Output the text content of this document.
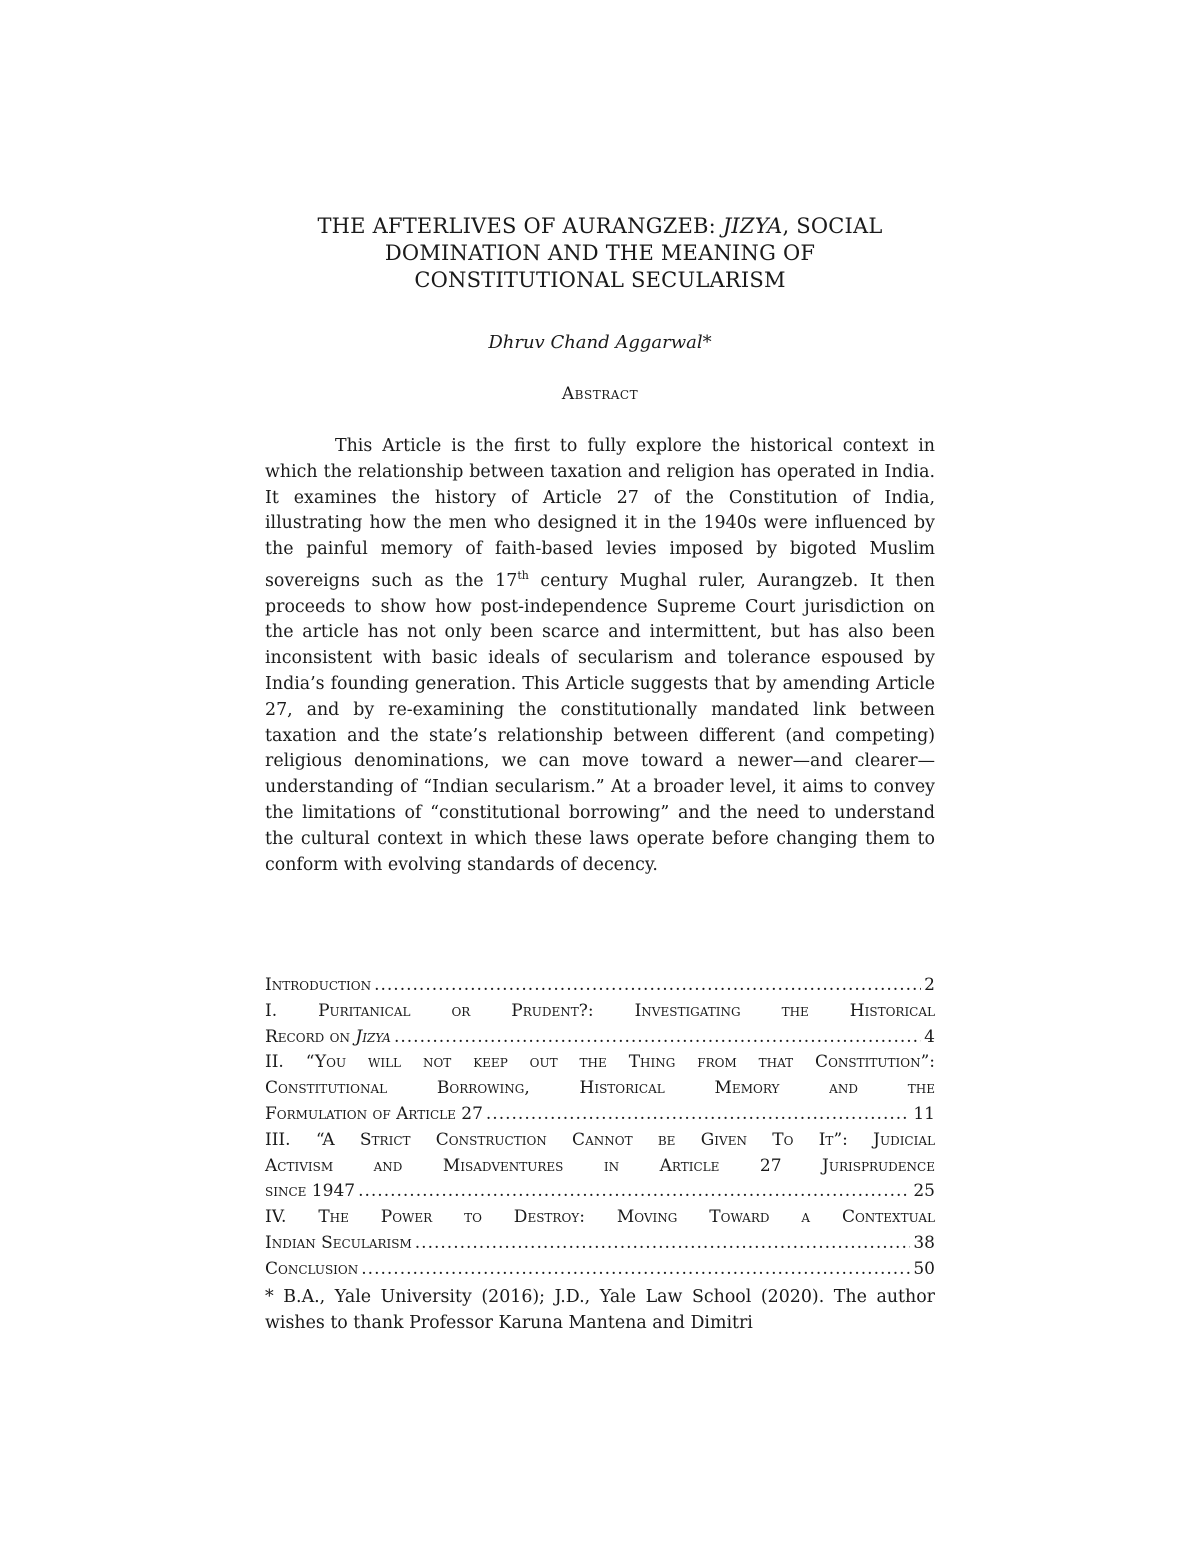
THE AFTERLIVES OF AURANGZEB: JIZYA, SOCIAL
DOMINATION AND THE MEANING OF
CONSTITUTIONAL SECULARISM
Dhruv Chand Aggarwal*
Abstract

This Article is the first to fully explore the historical context in which the relationship between taxation and religion has operated in India. It examines the history of Article 27 of the Constitution of India, illustrating how the men who designed it in the 1940s were influenced by the painful memory of faith-based levies imposed by bigoted Muslim sovereigns such as the 17th century Mughal ruler, Aurangzeb. It then proceeds to show how post-independence Supreme Court jurisdiction on the article has not only been scarce and intermittent, but has also been inconsistent with basic ideals of secularism and tolerance espoused by India’s founding generation. This Article suggests that by amending Article 27, and by re-examining the constitutionally mandated link between taxation and the state’s relationship between different (and competing) religious denominations, we can move toward a newer—and clearer—understanding of “Indian secularism.” At a broader level, it aims to convey the limitations of “constitutional borrowing” and the need to understand the cultural context in which these laws operate before changing them to conform with evolving standards of decency.

Introduction .....	2
I. Puritanical or Prudent?: Investigating the Historical
Record on Jizya .....	4
II. “You will not keep out the Thing from that Constitution”:
Constitutional Borrowing, Historical Memory and the
Formulation of Article 27 .....	11
III. “A Strict Construction Cannot be Given To It”: Judicial
Activism and Misadventures in Article 27 Jurisprudence
since 1947 .....	25
IV. The Power to Destroy: Moving Toward a Contextual
Indian Secularism .....	38
Conclusion .....	50
* B.A., Yale University (2016); J.D., Yale Law School (2020). The author wishes to thank Professor Karuna Mantena and Dimitri
